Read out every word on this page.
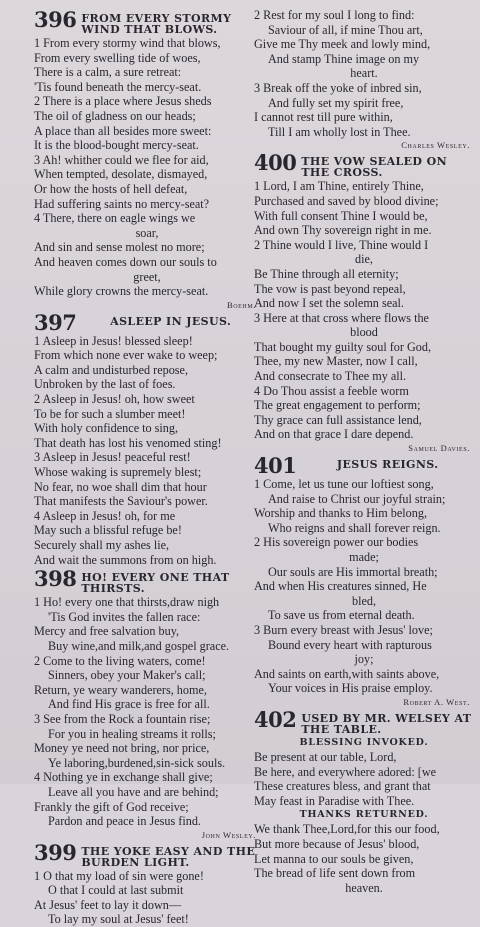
396 FROM EVERY STORMY WIND THAT BLOWS.
1 From every stormy wind that blows,
From every swelling tide of woes,
There is a calm, a sure retreat:
'Tis found beneath the mercy-seat.
2 There is a place where Jesus sheds
The oil of gladness on our heads;
A place than all besides more sweet:
It is the blood-bought mercy-seat.
3 Ah! whither could we flee for aid,
When tempted, desolate, dismayed,
Or how the hosts of hell defeat,
Had suffering saints no mercy-seat?
4 There, there on eagle wings we
soar,
And sin and sense molest no more;
And heaven comes down our souls to
greet,
While glory crowns the mercy-seat.
Boehm.
397	ASLEEP IN JESUS.
1 Asleep in Jesus! blessed sleep!
From which none ever wake to weep;
A calm and undisturbed repose,
Unbroken by the last of foes.
2 Asleep in Jesus! oh, how sweet
To be for such a slumber meet!
With holy confidence to sing,
That death has lost his venomed sting!
3 Asleep in Jesus! peaceful rest!
Whose waking is supremely blest;
No fear, no woe shall dim that hour
That manifests the Saviour's power.
4 Asleep in Jesus! oh, for me
May such a blissful refuge be!
Securely shall my ashes lie,
And wait the summons from on high.
398 HO! EVERY ONE THAT THIRSTS.
1 Ho! every one that thirsts,draw nigh
'Tis God invites the fallen race:
Mercy and free salvation buy,
Buy wine,and milk,and gospel grace.
2 Come to the living waters, come!
Sinners, obey your Maker's call;
Return, ye weary wanderers, home,
And find His grace is free for all.
3 See from the Rock a fountain rise;
For you in healing streams it rolls;
Money ye need not bring, nor price,
Ye laboring,burdened,sin-sick souls.
4 Nothing ye in exchange shall give;
Leave all you have and are behind;
Frankly the gift of God receive;
Pardon and peace in Jesus find.
John Wesley.
399 THE YOKE EASY AND THE BURDEN LIGHT.
1 O that my load of sin were gone!
O that I could at last submit
At Jesus' feet to lay it down—
To lay my soul at Jesus' feet!
2 Rest for my soul I long to find:
Saviour of all, if mine Thou art,
Give me Thy meek and lowly mind,
And stamp Thine image on my
heart.
3 Break off the yoke of inbred sin,
And fully set my spirit free,
I cannot rest till pure within,
Till I am wholly lost in Thee.
Charles Wesley.
400 THE VOW SEALED ON THE CROSS.
1 Lord, I am Thine, entirely Thine,
Purchased and saved by blood divine;
With full consent Thine I would be,
And own Thy sovereign right in me.
2 Thine would I live, Thine would I
die,
Be Thine through all eternity;
The vow is past beyond repeal,
And now I set the solemn seal.
3 Here at that cross where flows the
blood
That bought my guilty soul for God,
Thee, my new Master, now I call,
And consecrate to Thee my all.
4 Do Thou assist a feeble worm
The great engagement to perform;
Thy grace can full assistance lend,
And on that grace I dare depend.
Samuel Davies.
401	JESUS REIGNS.
1 Come, let us tune our loftiest song,
And raise to Christ our joyful strain;
Worship and thanks to Him belong,
Who reigns and shall forever reign.
2 His sovereign power our bodies
made;
Our souls are His immortal breath;
And when His creatures sinned, He
bled,
To save us from eternal death.
3 Burn every breast with Jesus' love;
Bound every heart with rapturous
joy;
And saints on earth,with saints above,
Your voices in His praise employ.
Robert A. West.
402 USED BY MR. WELSEY AT THE TABLE.
BLESSING INVOKED.
Be present at our table, Lord,
Be here, and everywhere adored: [we
These creatures bless, and grant that
May feast in Paradise with Thee.
THANKS RETURNED.
We thank Thee,Lord,for this our food,
But more because of Jesus' blood,
Let manna to our souls be given,
The bread of life sent down from
heaven.
